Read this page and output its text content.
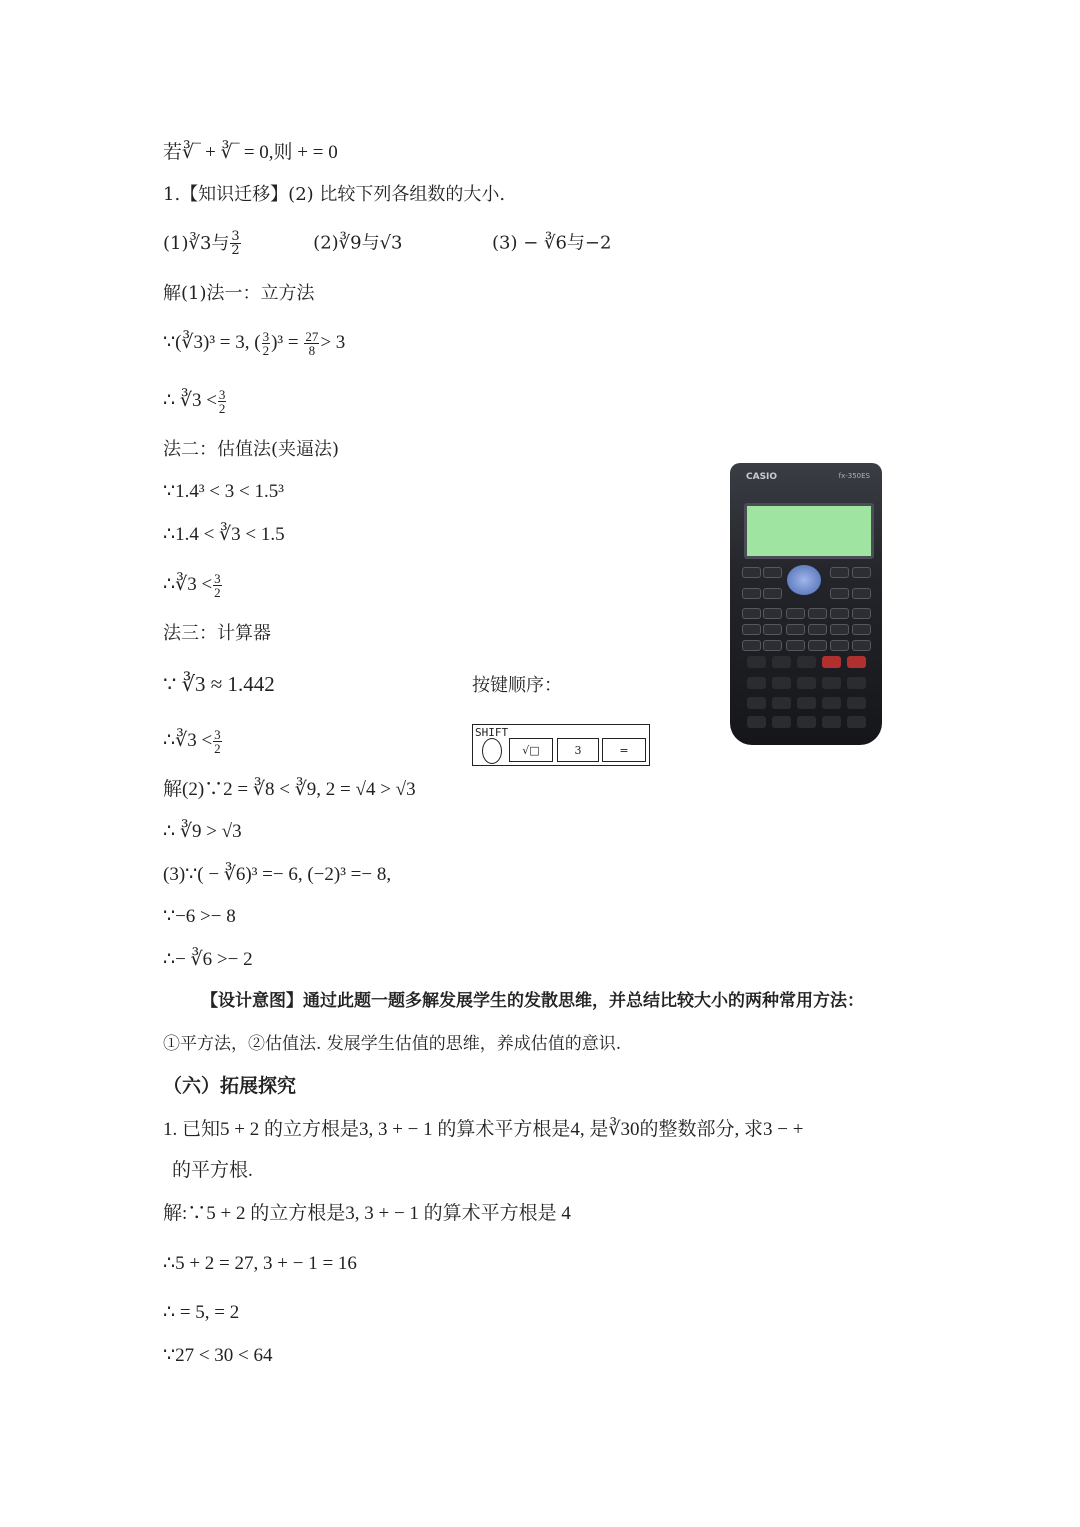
若∛‾ + ∛‾ = 0,则 + = 0
1.【知识迁移】(2) 比较下列各组数的大小.
(1)∛3与 $\frac{3}{2}$	(2)∛9与√3	(3) − ∛6与−2
解(1)法一：立方法
∵(∛3)³ = 3, ( $\frac{3}{2} )^3 = \frac{27}{8} > 3$
∴ ∛3 < $\frac{3}{2}$
法二：估值法(夹逼法)
∵1.4³ < 3 < 1.5³
∴1.4 < ∛3 < 1.5
∴∛3 < $\frac{3}{2}$
法三：计算器
∵ ∛3 ≈ 1.442	按键顺序：
∴∛3 < $\frac{3}{2}$	SHIFT
√□	3	=
CASIO	fx-350ES
解(2)∵2 = ∛8 < ∛9, 2 = √4 > √3
∴ ∛9 > √3
(3)∵( − ∛6)³ =− 6, (−2)³ =− 8,
∵−6 >− 8
∴− ∛6 >− 2
【设计意图】通过此题一题多解发展学生的发散思维，并总结比较大小的两种常用方法：
①平方法，②估值法. 发展学生估值的思维，养成估值的意识.
（六）拓展探究
1. 已知5 + 2 的立方根是3, 3 + − 1 的算术平方根是4, 是∛30的整数部分, 求3 − +
的平方根.
解:∵5 + 2 的立方根是3, 3 + − 1 的算术平方根是 4
∴5 + 2 = 27, 3 + − 1 = 16
∴ = 5, = 2
∵27 < 30 < 64
